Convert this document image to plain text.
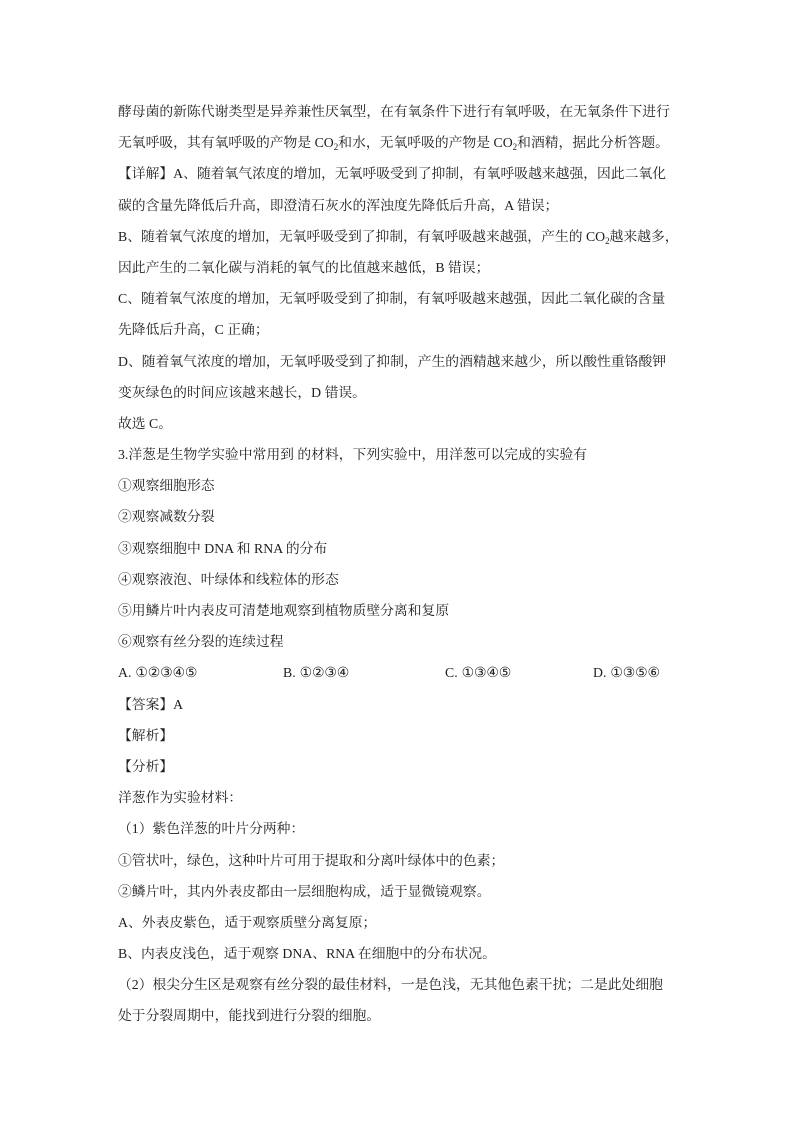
酵母菌的新陈代谢类型是异养兼性厌氧型，在有氧条件下进行有氧呼吸，在无氧条件下进行
无氧呼吸，其有氧呼吸的产物是 $CO_2$和水，无氧呼吸的产物是 $CO_2$和酒精，据此分析答题。
【详解】A、随着氧气浓度的增加，无氧呼吸受到了抑制，有氧呼吸越来越强，因此二氧化
碳的含量先降低后升高，即澄清石灰水的浑浊度先降低后升高，A 错误；
B、随着氧气浓度的增加，无氧呼吸受到了抑制，有氧呼吸越来越强，产生的 $CO_2$越来越多，
因此产生的二氧化碳与消耗的氧气的比值越来越低，B 错误；
C、随着氧气浓度的增加，无氧呼吸受到了抑制，有氧呼吸越来越强，因此二氧化碳的含量
先降低后升高，C 正确；
D、随着氧气浓度的增加，无氧呼吸受到了抑制，产生的酒精越来越少，所以酸性重铬酸钾
变灰绿色的时间应该越来越长，D 错误。
故选 C。
3.洋葱是生物学实验中常用到 的材料，下列实验中，用洋葱可以完成的实验有
①观察细胞形态
②观察减数分裂
③观察细胞中 DNA 和 RNA 的分布
④观察液泡、叶绿体和线粒体的形态
⑤用鳞片叶内表皮可清楚地观察到植物质壁分离和复原
⑥观察有丝分裂的连续过程
A. ①②③④⑤	B. ①②③④	C. ①③④⑤	D. ①③⑤⑥
【答案】A
【解析】
【分析】
洋葱作为实验材料：
（1）紫色洋葱的叶片分两种：
①管状叶，绿色，这种叶片可用于提取和分离叶绿体中的色素；
②鳞片叶，其内外表皮都由一层细胞构成，适于显微镜观察。
A、外表皮紫色，适于观察质壁分离复原；
B、内表皮浅色，适于观察 DNA、RNA 在细胞中的分布状况。
（2）根尖分生区是观察有丝分裂的最佳材料，一是色浅，无其他色素干扰；二是此处细胞
处于分裂周期中，能找到进行分裂的细胞。
